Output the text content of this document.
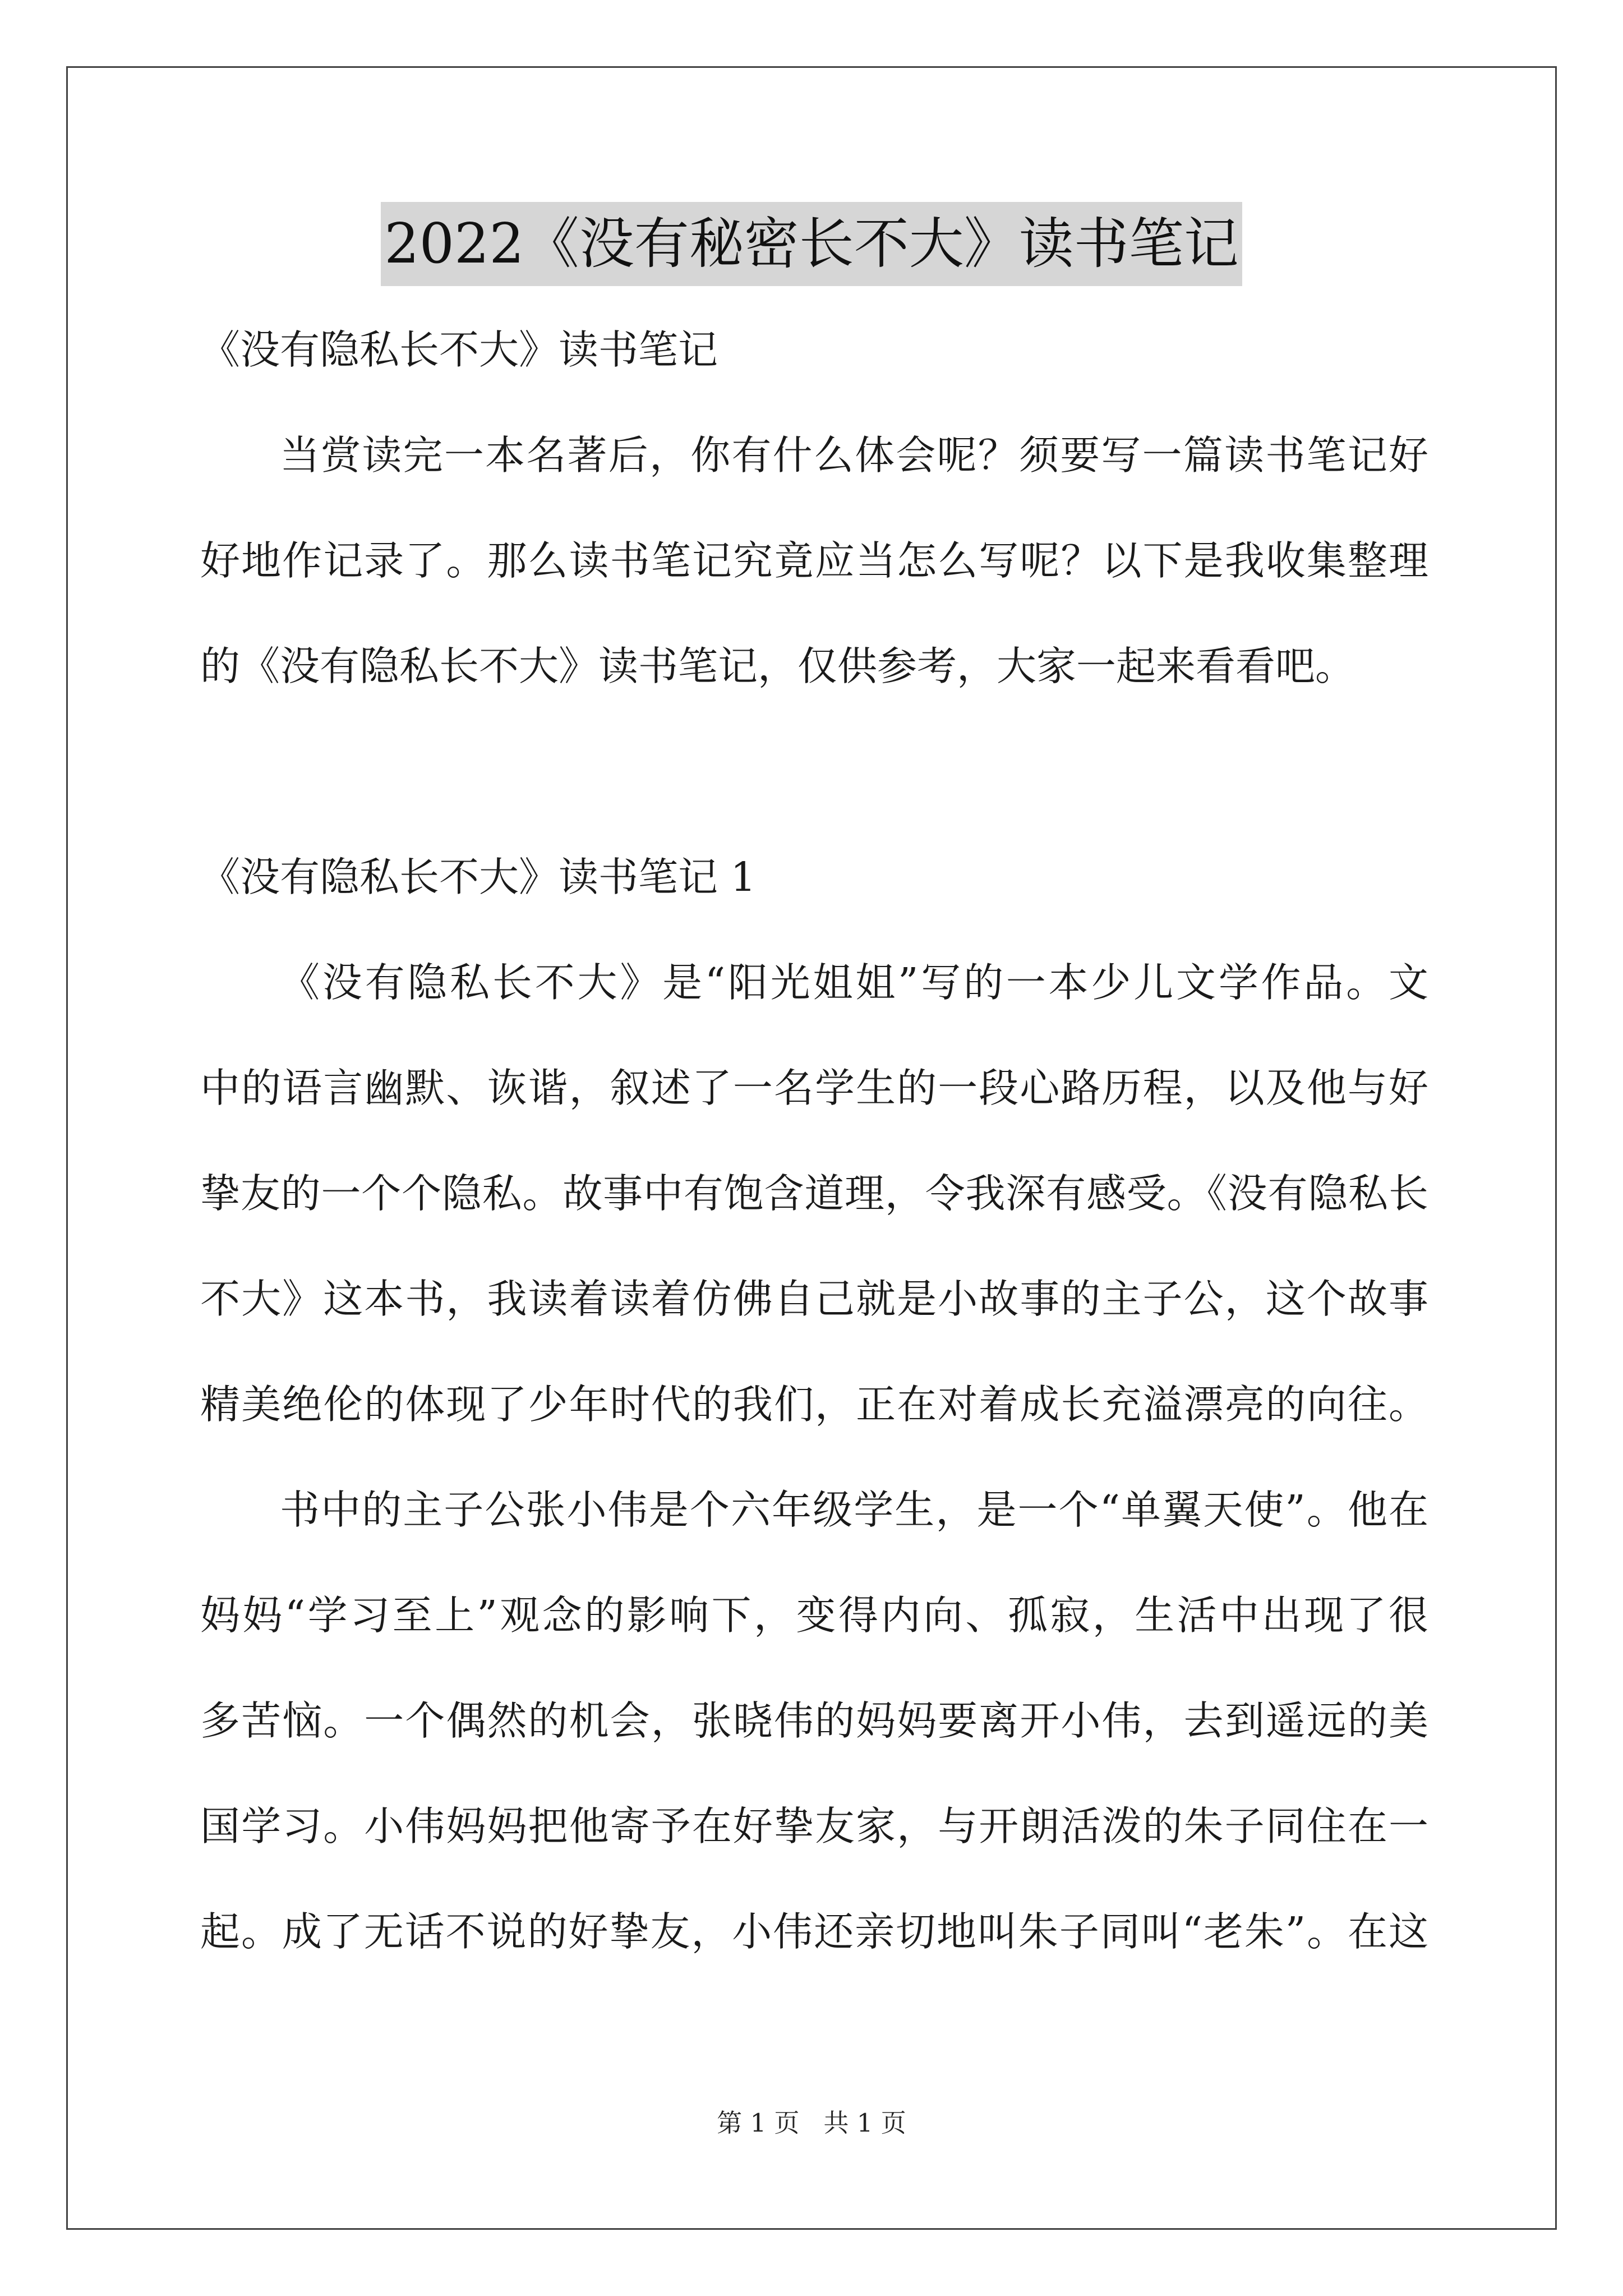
2022《没有秘密长不大》读书笔记
《没有隐私长不大》读书笔记
当赏读完一本名著后，你有什么体会呢？须要写一篇读书笔记好
好地作记录了。那么读书笔记究竟应当怎么写呢？以下是我收集整理
的《没有隐私长不大》读书笔记，仅供参考，大家一起来看看吧。
《没有隐私长不大》读书笔记 1
《没有隐私长不大》是“阳光姐姐”写的一本少儿文学作品。文
中的语言幽默、诙谐，叙述了一名学生的一段心路历程，以及他与好
挚友的一个个隐私。故事中有饱含道理，令我深有感受。《没有隐私长
不大》这本书，我读着读着仿佛自己就是小故事的主子公，这个故事
精美绝伦的体现了少年时代的我们，正在对着成长充溢漂亮的向往。
书中的主子公张小伟是个六年级学生，是一个“单翼天使”。他在
妈妈“学习至上”观念的影响下，变得内向、孤寂，生活中出现了很
多苦恼。一个偶然的机会，张晓伟的妈妈要离开小伟，去到遥远的美
国学习。小伟妈妈把他寄予在好挚友家，与开朗活泼的朱子同住在一
起。成了无话不说的好挚友，小伟还亲切地叫朱子同叫“老朱”。在这
第 1 页 共 1 页
